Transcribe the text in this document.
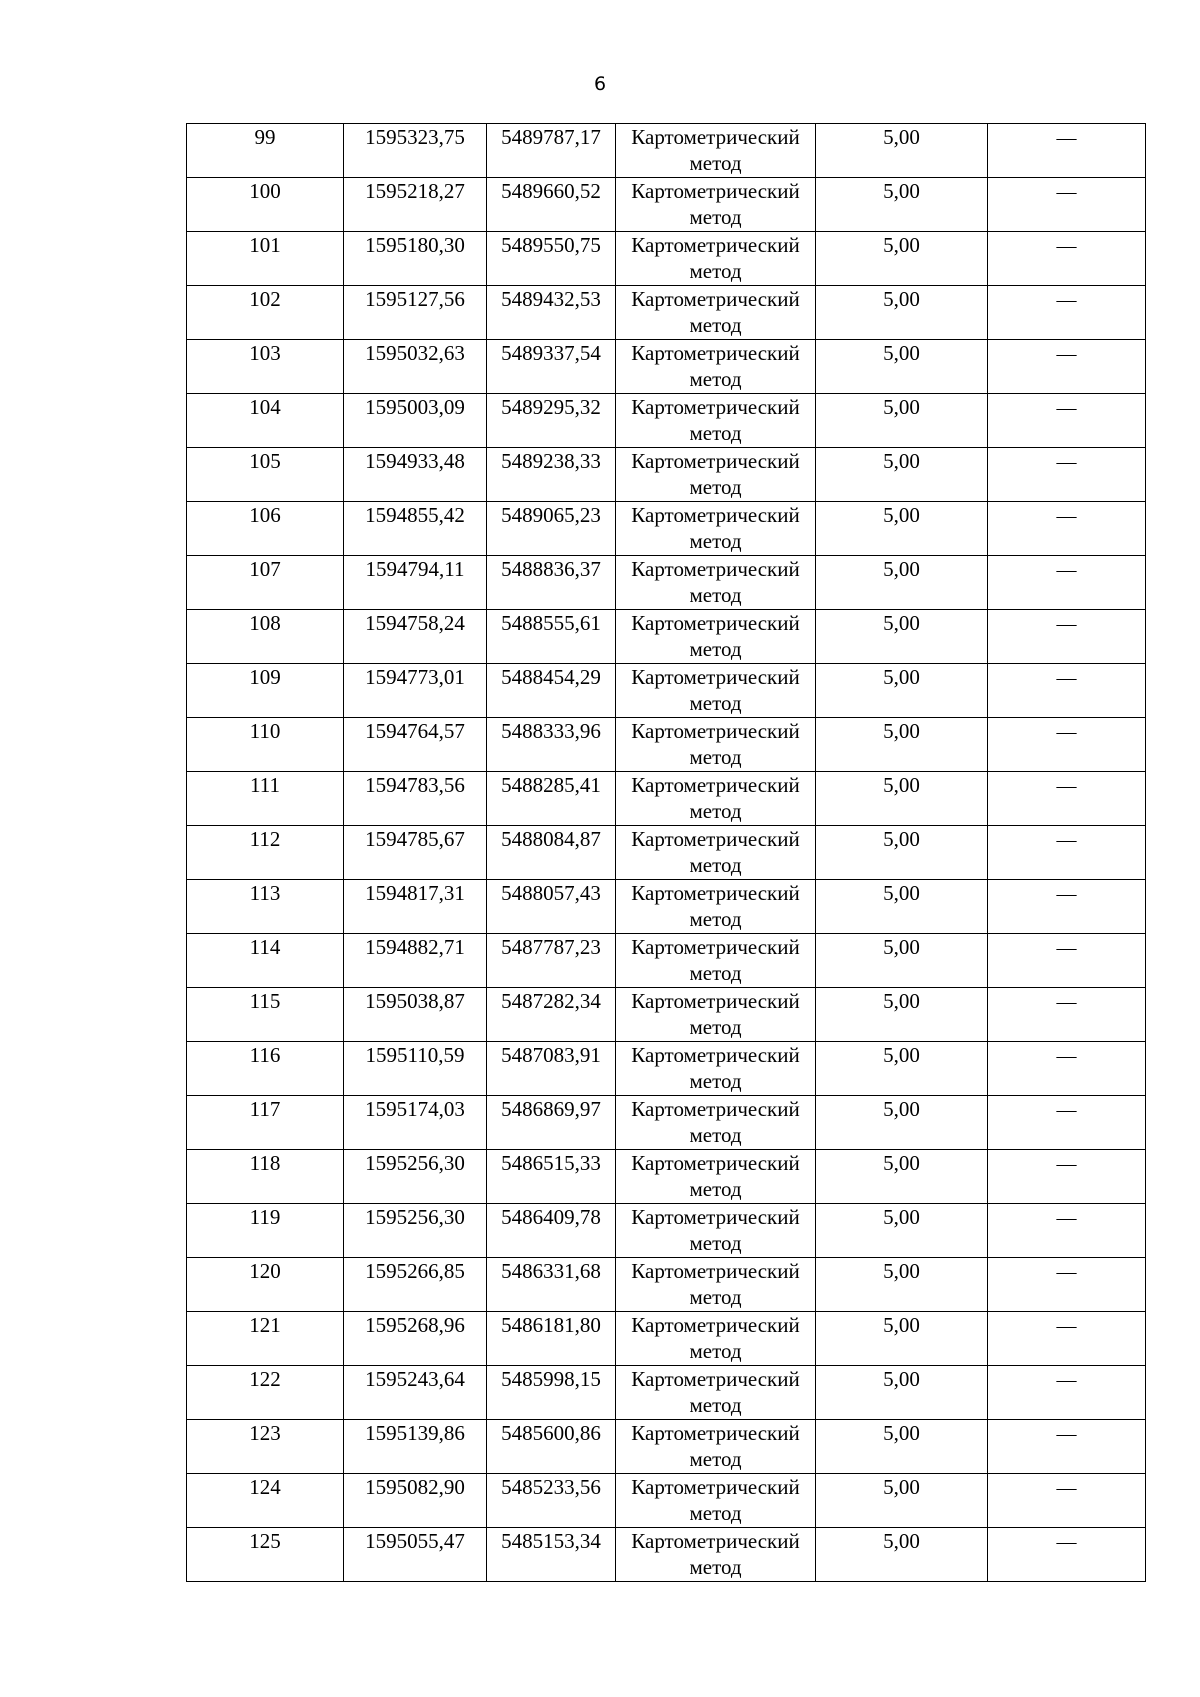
6
99	1595323,75	5489787,17	Картометрический метод	5,00	—
100	1595218,27	5489660,52	Картометрический метод	5,00	—
101	1595180,30	5489550,75	Картометрический метод	5,00	—
102	1595127,56	5489432,53	Картометрический метод	5,00	—
103	1595032,63	5489337,54	Картометрический метод	5,00	—
104	1595003,09	5489295,32	Картометрический метод	5,00	—
105	1594933,48	5489238,33	Картометрический метод	5,00	—
106	1594855,42	5489065,23	Картометрический метод	5,00	—
107	1594794,11	5488836,37	Картометрический метод	5,00	—
108	1594758,24	5488555,61	Картометрический метод	5,00	—
109	1594773,01	5488454,29	Картометрический метод	5,00	—
110	1594764,57	5488333,96	Картометрический метод	5,00	—
111	1594783,56	5488285,41	Картометрический метод	5,00	—
112	1594785,67	5488084,87	Картометрический метод	5,00	—
113	1594817,31	5488057,43	Картометрический метод	5,00	—
114	1594882,71	5487787,23	Картометрический метод	5,00	—
115	1595038,87	5487282,34	Картометрический метод	5,00	—
116	1595110,59	5487083,91	Картометрический метод	5,00	—
117	1595174,03	5486869,97	Картометрический метод	5,00	—
118	1595256,30	5486515,33	Картометрический метод	5,00	—
119	1595256,30	5486409,78	Картометрический метод	5,00	—
120	1595266,85	5486331,68	Картометрический метод	5,00	—
121	1595268,96	5486181,80	Картометрический метод	5,00	—
122	1595243,64	5485998,15	Картометрический метод	5,00	—
123	1595139,86	5485600,86	Картометрический метод	5,00	—
124	1595082,90	5485233,56	Картометрический метод	5,00	—
125	1595055,47	5485153,34	Картометрический метод	5,00	—
